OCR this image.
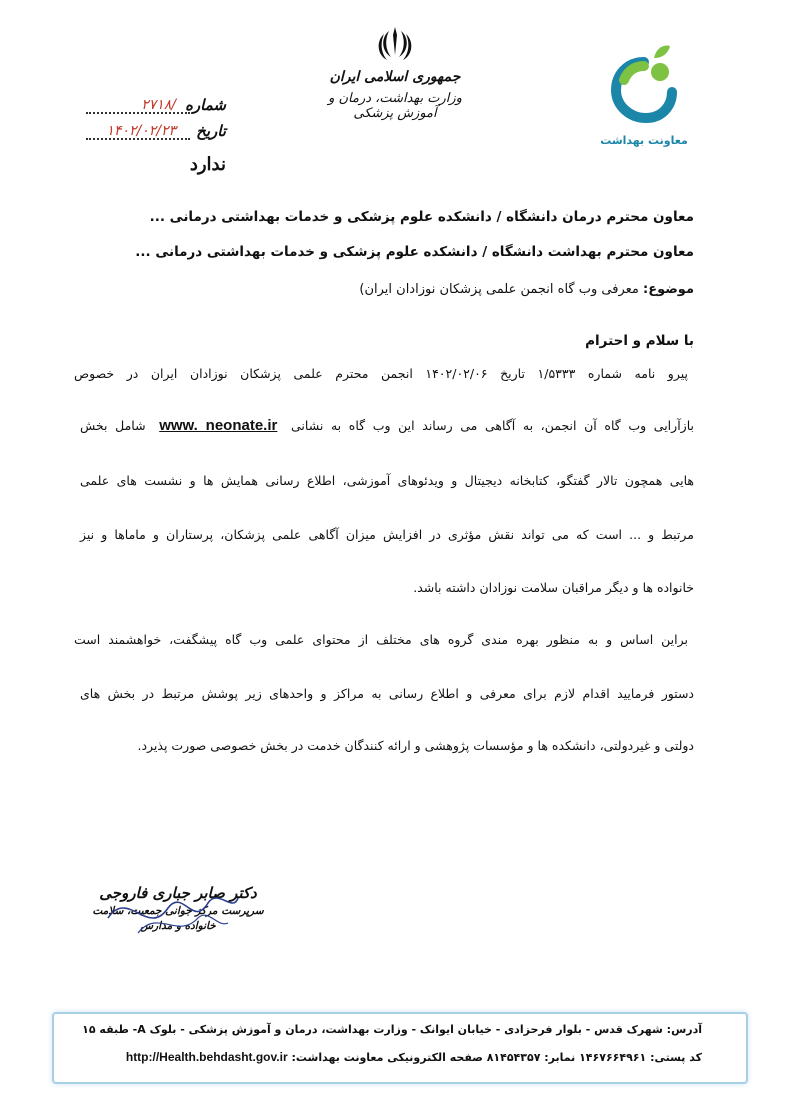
معاونت بهداشت
جمهوری اسلامی ایران
وزارت بهداشت، درمان و آموزش پزشکی
شماره
/۲۷۱۸
تاریخ
۱۴۰۲/۰۲/۲۳
ندارد
معاون محترم درمان دانشگاه / دانشکده علوم پزشکی و خدمات بهداشتی درمانی ...
معاون محترم بهداشت دانشگاه / دانشکده علوم پزشکی و خدمات بهداشتی درمانی ...
موضوع: معرفی وب گاه انجمن علمی پزشکان نوزادان ایران)
با سلام و احترام
پیرو نامه شماره ۱/۵۳۳۳ تاریخ ۱۴۰۲/۰۲/۰۶ انجمن محترم علمی پزشکان نوزادان ایران در خصوص
بازآرایی وب گاه آن انجمن، به آگاهی می رساند این وب گاه به نشانی www. neonate.ir شامل بخش
هایی همچون تالار گفتگو، کتابخانه دیجیتال و ویدئوهای آموزشی، اطلاع رسانی همایش ها و نشست های علمی
مرتبط و ... است که می تواند نقش مؤثری در افزایش میزان آگاهی علمی پزشکان، پرستاران و ماماها و نیز
خانواده ها و دیگر مراقبان سلامت نوزادان داشته باشد.
براین اساس و به منظور بهره مندی گروه های مختلف از محتوای علمی وب گاه پیشگفت، خواهشمند است
دستور فرمایید اقدام لازم برای معرفی و اطلاع رسانی به مراکز و واحدهای زیر پوشش مرتبط در بخش های
دولتی و غیردولتی، دانشکده ها و مؤسسات پژوهشی و ارائه کنندگان خدمت در بخش خصوصی صورت پذیرد.
دکتر صابر جباری فاروجی
سرپرست مرکز جوانی جمعیت، سلامت خانواده و مدارس
آدرس: شهرک قدس - بلوار فرحزادی - خیابان ایوانک - وزارت بهداشت، درمان و آموزش پزشکی - بلوک A- طبقه ۱۵
کد پستی: ۱۴۶۷۶۶۴۹۶۱ نمابر: ۸۱۴۵۴۳۵۷ صفحه الکترونیکی معاونت بهداشت: http://Health.behdasht.gov.ir
